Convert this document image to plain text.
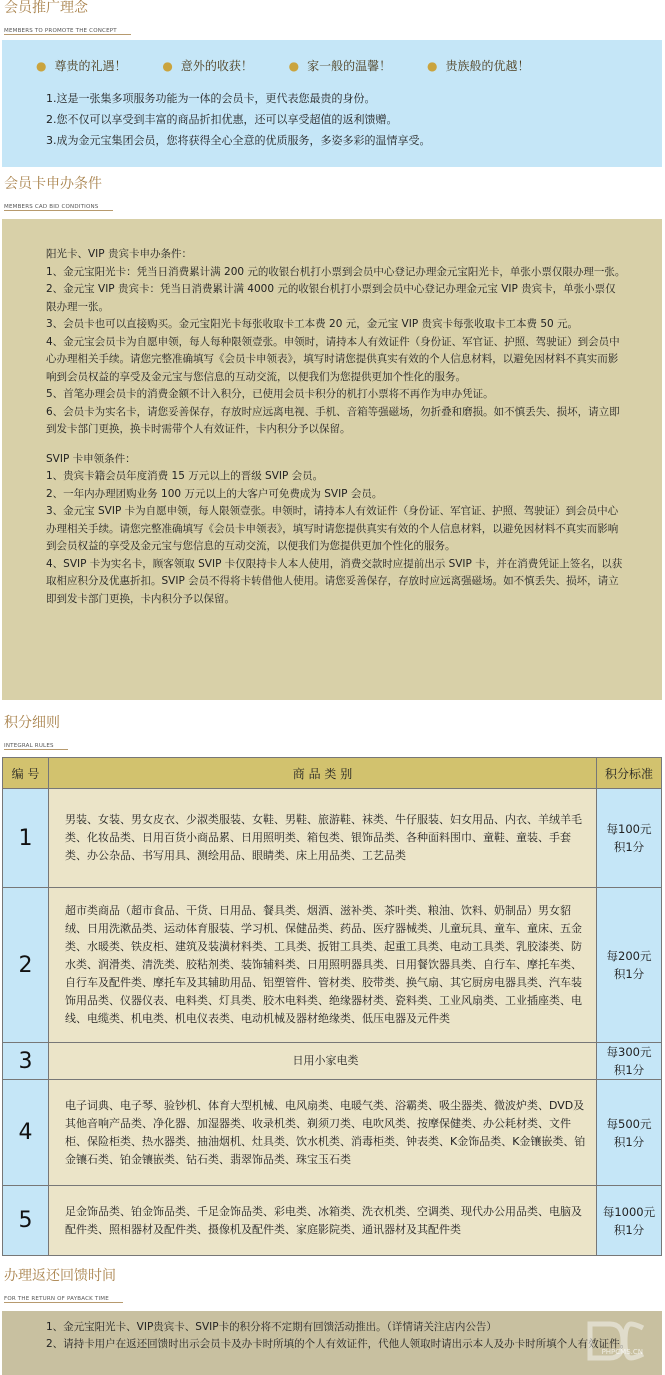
会员推广理念
MEMBERS TO PROMOTE THE CONCEPT
● 尊贵的礼遇！	● 意外的收获！	● 家一般的温馨！	● 贵族般的优越！
1.这是一张集多项服务功能为一体的会员卡，更代表您最贵的身份。
2.您不仅可以享受到丰富的商品折扣优惠，还可以享受超值的返利馈赠。
3.成为金元宝集团会员，您将获得全心全意的优质服务，多姿多彩的温情享受。
会员卡申办条件
MEMBERS CAD BID CONDITIONS

阳光卡、VIP 贵宾卡申办条件：

1、金元宝阳光卡：凭当日消费累计满 200 元的收银台机打小票到会员中心登记办理金元宝阳光卡，单张小票仅限办理一张。

2、金元宝 VIP 贵宾卡：凭当日消费累计满 4000 元的收银台机打小票到会员中心登记办理金元宝 VIP 贵宾卡，单张小票仅限办理一张。

3、会员卡也可以直接购买。金元宝阳光卡每张收取卡工本费 20 元，金元宝 VIP 贵宾卡每张收取卡工本费 50 元。

4、金元宝会员卡为自愿申领，每人每种限领壹张。申领时，请持本人有效证件（身份证、军官证、护照、驾驶证）到会员中心办理相关手续。请您完整准确填写《会员卡申领表》，填写时请您提供真实有效的个人信息材料，以避免因材料不真实而影响到会员权益的享受及金元宝与您信息的互动交流，以便我们为您提供更加个性化的服务。

5、首笔办理会员卡的消费金额不计入积分，已使用会员卡积分的机打小票将不再作为申办凭证。

6、会员卡为实名卡，请您妥善保存，存放时应远离电视、手机、音箱等强磁场，勿折叠和磨损。如不慎丢失、损坏，请立即到发卡部门更换，换卡时需带个人有效证件，卡内积分予以保留。

SVIP 卡申领条件：

1、贵宾卡籍会员年度消费 15 万元以上的晋级 SVIP 会员。

2、一年内办理团购业务 100 万元以上的大客户可免费成为 SVIP 会员。

3、金元宝 SVIP 卡为自愿申领，每人限领壹张。申领时，请持本人有效证件（身份证、军官证、护照、驾驶证）到会员中心办理相关手续。请您完整准确填写《会员卡申领表》，填写时请您提供真实有效的个人信息材料，以避免因材料不真实而影响到会员权益的享受及金元宝与您信息的互动交流，以便我们为您提供更加个性化的服务。

4、SVIP 卡为实名卡，顾客领取 SVIP 卡仅限持卡人本人使用，消费交款时应提前出示 SVIP 卡，并在消费凭证上签名，以获取相应积分及优惠折扣。SVIP 会员不得将卡转借他人使用。请您妥善保存，存放时应远离强磁场。如不慎丢失、损坏，请立即到发卡部门更换，卡内积分予以保留。

积分细则
INTEGRAL RULES
编 号	商 品 类 别	积分标准
1	男装、女装、男女皮衣、少淑类服装、女鞋、男鞋、旅游鞋、袜类、牛仔服装、妇女用品、内衣、羊绒羊毛类、化妆品类、日用百货小商品累、日用照明类、箱包类、银饰品类、各种面料围巾、童鞋、童装、手套类、办公杂品、书写用具、测绘用品、眼睛类、床上用品类、工艺品类	每100元
积1分

2	超市类商品（超市食品、干货、日用品、餐具类、烟酒、滋补类、茶叶类、粮油、饮料、奶制品）男女貂绒、日用洗漱品类、运动体育服装、学习机、保健品类、药品、医疗器械类、儿童玩具、童车、童床、五金类、水暖类、铁皮柜、建筑及装潢材料类、工具类、扳钳工具类、起重工具类、电动工具类、乳胶漆类、防水类、润滑类、清洗类、胶粘剂类、装饰辅料类、日用照明器具类、日用餐饮器具类、自行车、摩托车类、自行车及配件类、摩托车及其辅助用品、铝塑管件、管材类、胶带类、换气扇、其它厨房电器具类、汽车装饰用品类、仪器仪表、电料类、灯具类、胶木电料类、绝缘器材类、瓷料类、工业风扇类、工业插座类、电线、电缆类、机电类、机电仪表类、电动机械及器材绝缘类、低压电器及元件类	每200元
积1分

3	日用小家电类	每300元
积1分

4	电子词典、电子琴、验钞机、体育大型机械、电风扇类、电暖气类、浴霸类、吸尘器类、微波炉类、DVD及其他音响产品类、净化器、加湿器类、收录机类、剃须刀类、电吹风类、按摩保健类、办公耗材类、文件柜、保险柜类、热水器类、抽油烟机、灶具类、饮水机类、消毒柜类、钟表类、K金饰品类、K金镶嵌类、铂金镶石类、铂金镶嵌类、钻石类、翡翠饰品类、珠宝玉石类	每500元
积1分

5	足金饰品类、铂金饰品类、千足金饰品类、彩电类、冰箱类、洗衣机类、空调类、现代办公用品类、电脑及配件类、照相器材及配件类、摄像机及配件类、家庭影院类、通讯器材及其配件类	每1000元
积1分
办理返还回馈时间
FOR THE RETURN OF PAYBACK TIME

1、金元宝阳光卡、VIP贵宾卡、SVIP卡的积分将不定期有回馈活动推出。（详情请关注店内公告）

2、请持卡用户在返还回馈时出示会员卡及办卡时所填的个人有效证件，代他人领取时请出示本人及办卡时所填个人有效证件。

PHPCMS.CN
